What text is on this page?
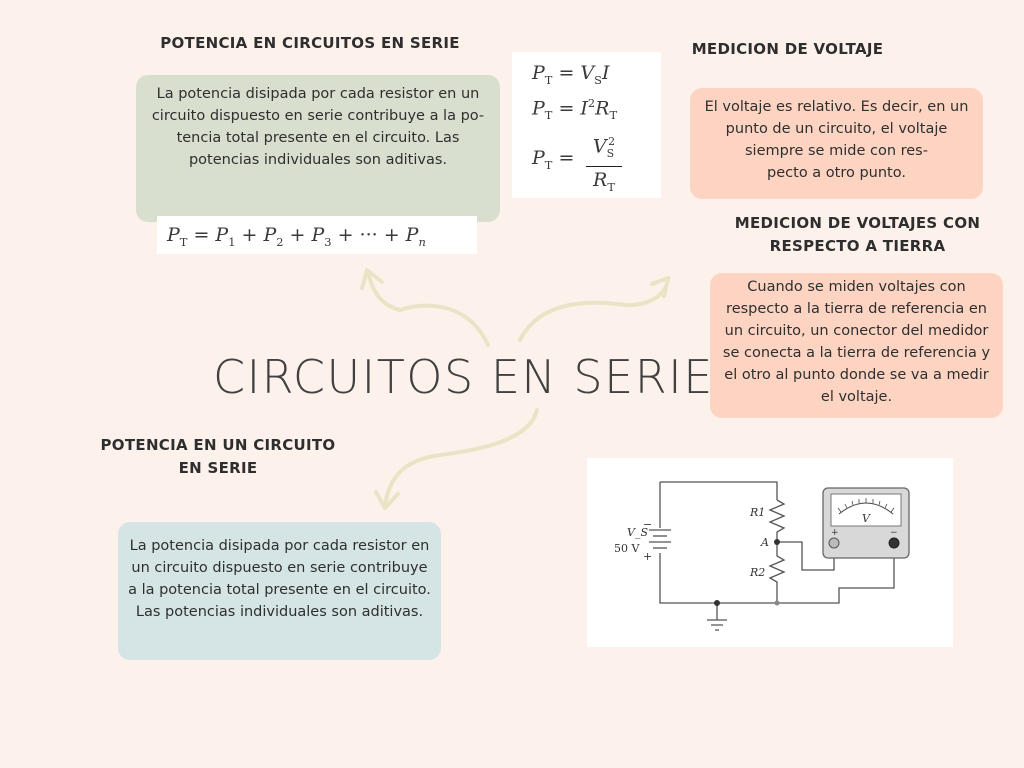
POTENCIA EN CIRCUITOS EN SERIE

La potencia disipada por cada resistor en un
circuito dispuesto en serie contribuye a la po-
tencia total presente en el circuito. Las
potencias individuales son aditivas.

$P_T = P_1 + P_2 + P_3$ + ··· + $P_n$
$P_T = V_SI$
$P_T = I^2R_T$
$P_T$ =
$V_S^2$
$R_T$
MEDICION DE VOLTAJE

El voltaje es relativo. Es decir, en un
punto de un circuito, el voltaje
siempre se mide con res-
pecto a otro punto.

MEDICION DE VOLTAJES CON
RESPECTO A TIERRA

Cuando se miden voltajes con
respecto a la tierra de referencia en
un circuito, un conector del medidor
se conecta a la tierra de referencia y
el otro al punto donde se va a medir
el voltaje.

CIRCUITOS EN SERIE
POTENCIA EN UN CIRCUITO
EN SERIE

La potencia disipada por cada resistor en
un circuito dispuesto en serie contribuye
a la potencia total presente en el circuito.
Las potencias individuales son aditivas.

V_S
50 V
−
+
R1
A
R2
V
+	−
